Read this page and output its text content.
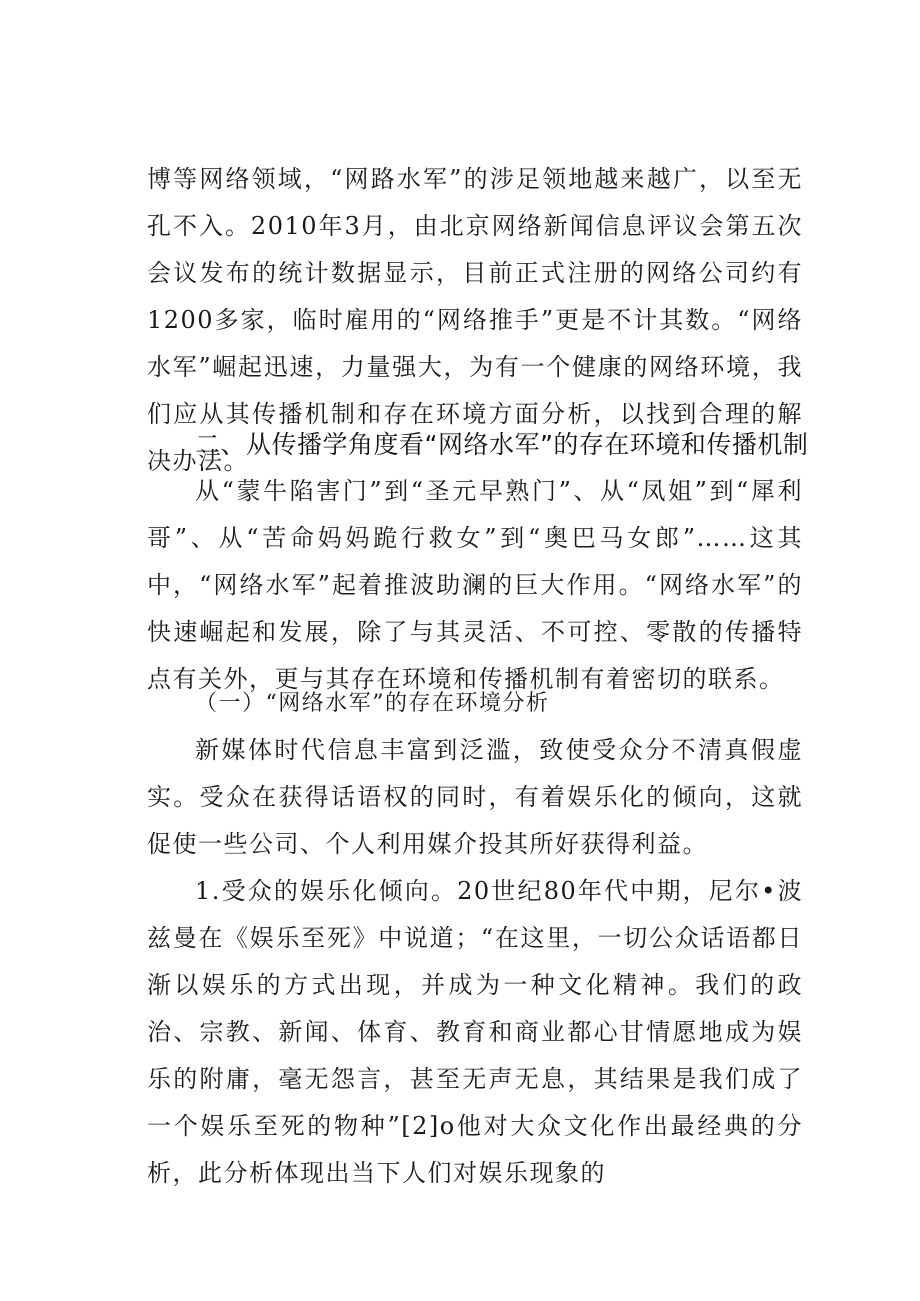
博等网络领域，“网路水军”的涉足领地越来越广，以至无孔不入。2010年3月，由北京网络新闻信息评议会第五次会议发布的统计数据显示，目前正式注册的网络公司约有1200多家，临时雇用的“网络推手”更是不计其数。“网络水军”崛起迅速，力量强大，为有一个健康的网络环境，我们应从其传播机制和存在环境方面分析，以找到合理的解决办法。

二、从传播学角度看“网络水军”的存在环境和传播机制

从“蒙牛陷害门”到“圣元早熟门”、从“凤姐”到“犀利哥”、从“苦命妈妈跪行救女”到“奥巴马女郎”……这其中，“网络水军”起着推波助澜的巨大作用。“网络水军”的快速崛起和发展，除了与其灵活、不可控、零散的传播特点有关外，更与其存在环境和传播机制有着密切的联系。

（一）“网络水军”的存在环境分析

新媒体时代信息丰富到泛滥，致使受众分不清真假虚实。受众在获得话语权的同时，有着娱乐化的倾向，这就促使一些公司、个人利用媒介投其所好获得利益。

1.受众的娱乐化倾向。20世纪80年代中期，尼尔•波兹曼在《娱乐至死》中说道；“在这里，一切公众话语都日渐以娱乐的方式出现，并成为一种文化精神。我们的政治、宗教、新闻、体育、教育和商业都心甘情愿地成为娱乐的附庸，毫无怨言，甚至无声无息，其结果是我们成了一个娱乐至死的物种”[2]o他对大众文化作出最经典的分析，此分析体现出当下人们对娱乐现象的
